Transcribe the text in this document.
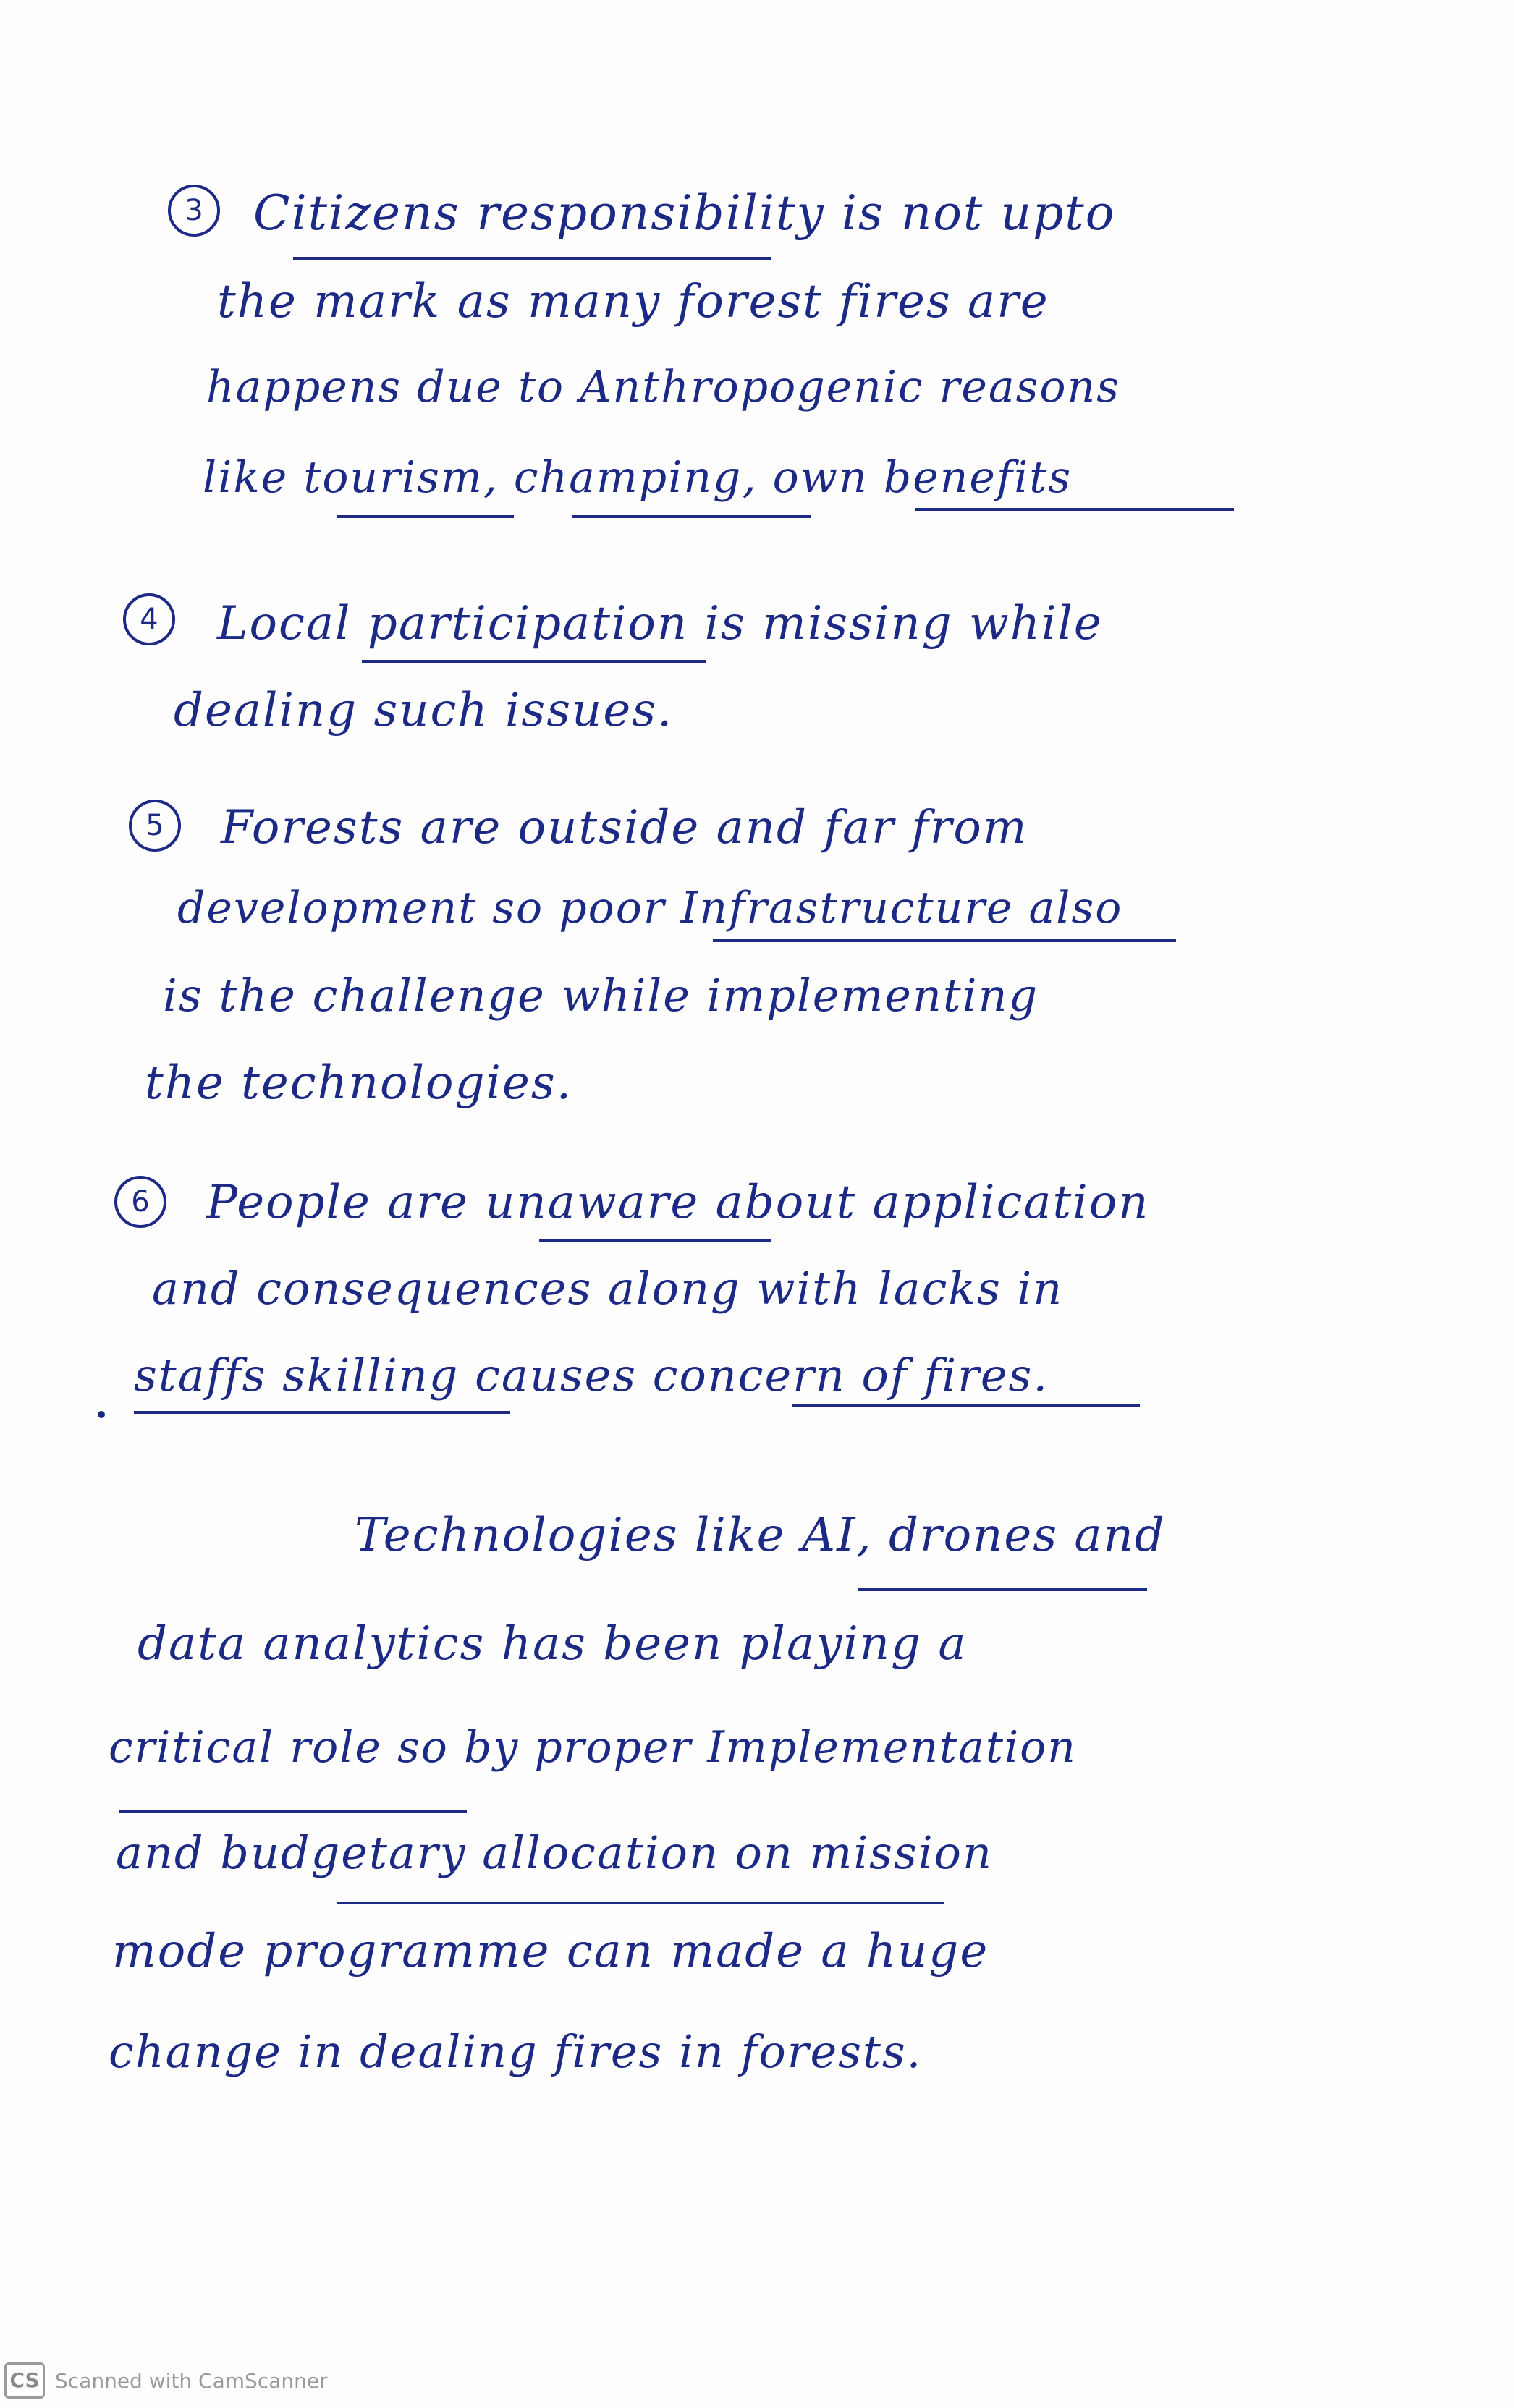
3	Citizens responsibility is not upto
the mark as many forest fires are
happens due to Anthropogenic reasons
like tourism, champing, own benefits
4	Local participation is missing while
dealing such issues.
5	Forests are outside and far from
development so poor Infrastructure also
is the challenge while implementing
the technologies.
6	People are unaware about application
and consequences along with lacks in
staffs skilling causes concern of fires.
Technologies like AI, drones and
data analytics has been playing a
critical role so by proper Implementation
and budgetary allocation on mission
mode programme can made a huge
change in dealing fires in forests.
CS Scanned with CamScanner
